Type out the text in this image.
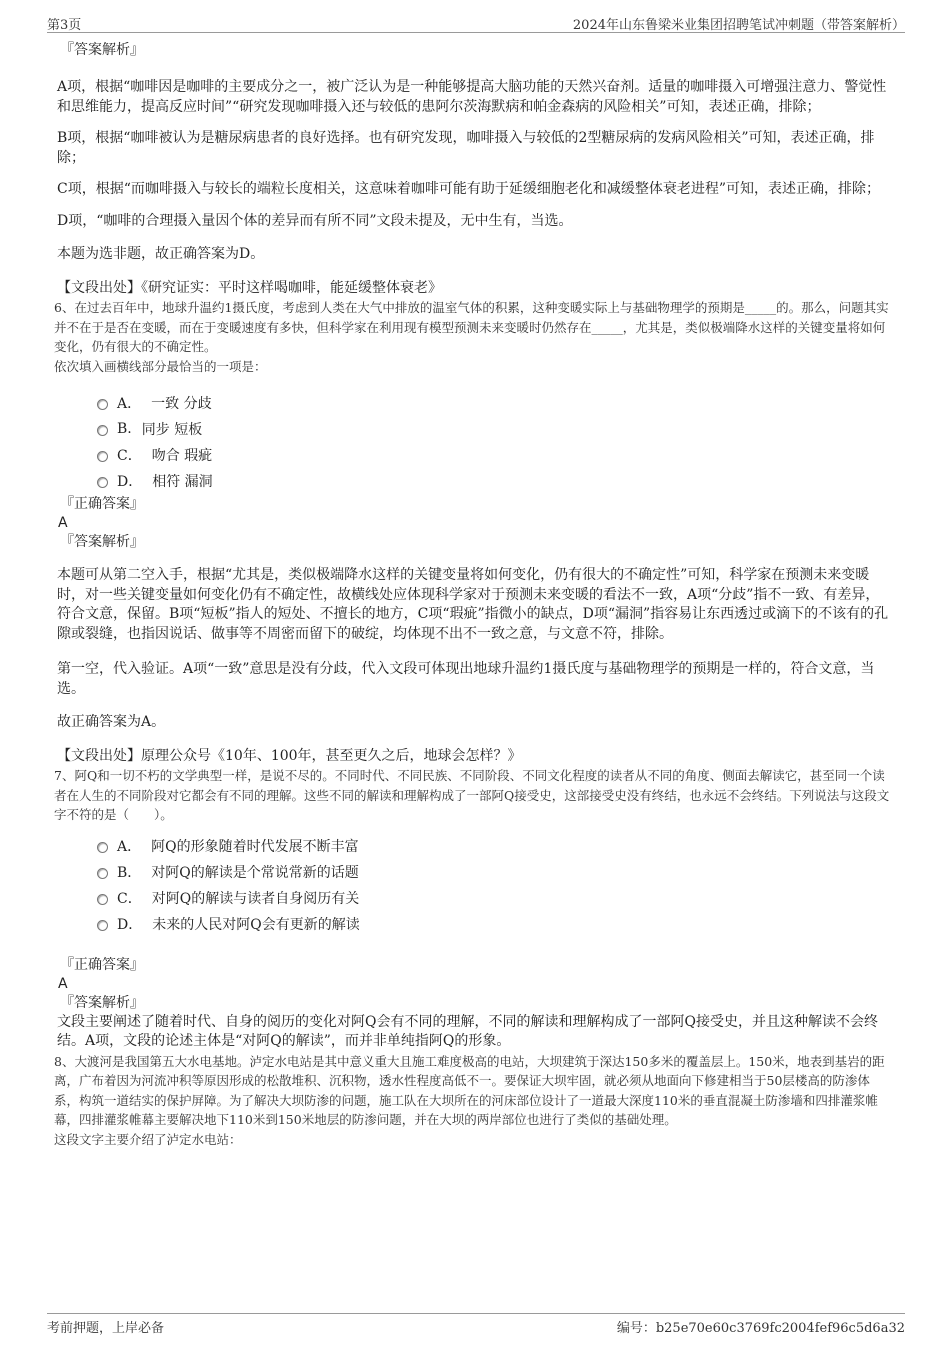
第3页	2024年山东鲁梁米业集团招聘笔试冲刺题（带答案解析）
『答案解析』

A项，根据“咖啡因是咖啡的主要成分之一，被广泛认为是一种能够提高大脑功能的天然兴奋剂。适量的咖啡摄入可增强注意力、警觉性和思维能力，提高反应时间”“研究发现咖啡摄入还与较低的患阿尔茨海默病和帕金森病的风险相关”可知，表述正确，排除；

B项，根据“咖啡被认为是糖尿病患者的良好选择。也有研究发现，咖啡摄入与较低的2型糖尿病的发病风险相关”可知，表述正确，排除；

C项，根据“而咖啡摄入与较长的端粒长度相关，这意味着咖啡可能有助于延缓细胞老化和减缓整体衰老进程”可知，表述正确，排除；

D项，“咖啡的合理摄入量因个体的差异而有所不同”文段未提及，无中生有，当选。

本题为选非题，故正确答案为D。

【文段出处】《研究证实：平时这样喝咖啡，能延缓整体衰老》

6、在过去百年中，地球升温约1摄氏度，考虑到人类在大气中排放的温室气体的积累，这种变暖实际上与基础物理学的预期是_____的。那么，问题其实并不在于是否在变暖，而在于变暖速度有多快，但科学家在利用现有模型预测未来变暖时仍然存在_____，尤其是，类似极端降水这样的关键变量将如何变化，仍有很大的不确定性。

依次填入画横线部分最恰当的一项是：

A． 一致 分歧
B. 同步 短板
C． 吻合 瑕疵
D． 相符 漏洞
『正确答案』
A
『答案解析』

本题可从第二空入手，根据“尤其是，类似极端降水这样的关键变量将如何变化，仍有很大的不确定性”可知，科学家在预测未来变暖时，对一些关键变量如何变化仍有不确定性，故横线处应体现科学家对于预测未来变暖的看法不一致，A项“分歧”指不一致、有差异，符合文意，保留。B项“短板”指人的短处、不擅长的地方，C项“瑕疵”指微小的缺点，D项“漏洞”指容易让东西透过或滴下的不该有的孔隙或裂缝，也指因说话、做事等不周密而留下的破绽，均体现不出不一致之意，与文意不符，排除。

第一空，代入验证。A项“一致”意思是没有分歧，代入文段可体现出地球升温约1摄氏度与基础物理学的预期是一样的，符合文意，当选。

故正确答案为A。

【文段出处】原理公众号《10年、100年，甚至更久之后，地球会怎样？》

7、阿Q和一切不朽的文学典型一样，是说不尽的。不同时代、不同民族、不同阶段、不同文化程度的读者从不同的角度、侧面去解读它，甚至同一个读者在人生的不同阶段对它都会有不同的理解。这些不同的解读和理解构成了一部阿Q接受史，这部接受史没有终结，也永远不会终结。下列说法与这段文字不符的是（　　）。

A． 阿Q的形象随着时代发展不断丰富
B． 对阿Q的解读是个常说常新的话题
C． 对阿Q的解读与读者自身阅历有关
D． 未来的人民对阿Q会有更新的解读
『正确答案』
A
『答案解析』

文段主要阐述了随着时代、自身的阅历的变化对阿Q会有不同的理解，不同的解读和理解构成了一部阿Q接受史，并且这种解读不会终结。A项，文段的论述主体是“对阿Q的解读”，而并非单纯指阿Q的形象。

8、大渡河是我国第五大水电基地。泸定水电站是其中意义重大且施工难度极高的电站，大坝建筑于深达150多米的覆盖层上。150米，地表到基岩的距离，广布着因为河流冲积等原因形成的松散堆积、沉积物，透水性程度高低不一。要保证大坝牢固，就必须从地面向下修建相当于50层楼高的防渗体系，构筑一道结实的保护屏障。为了解决大坝防渗的问题，施工队在大坝所在的河床部位设计了一道最大深度110米的垂直混凝土防渗墙和四排灌浆帷幕，四排灌浆帷幕主要解决地下110米到150米地层的防渗问题，并在大坝的两岸部位也进行了类似的基础处理。

这段文字主要介绍了泸定水电站：

考前押题，上岸必备	编号：b25e70e60c3769fc2004fef96c5d6a32
